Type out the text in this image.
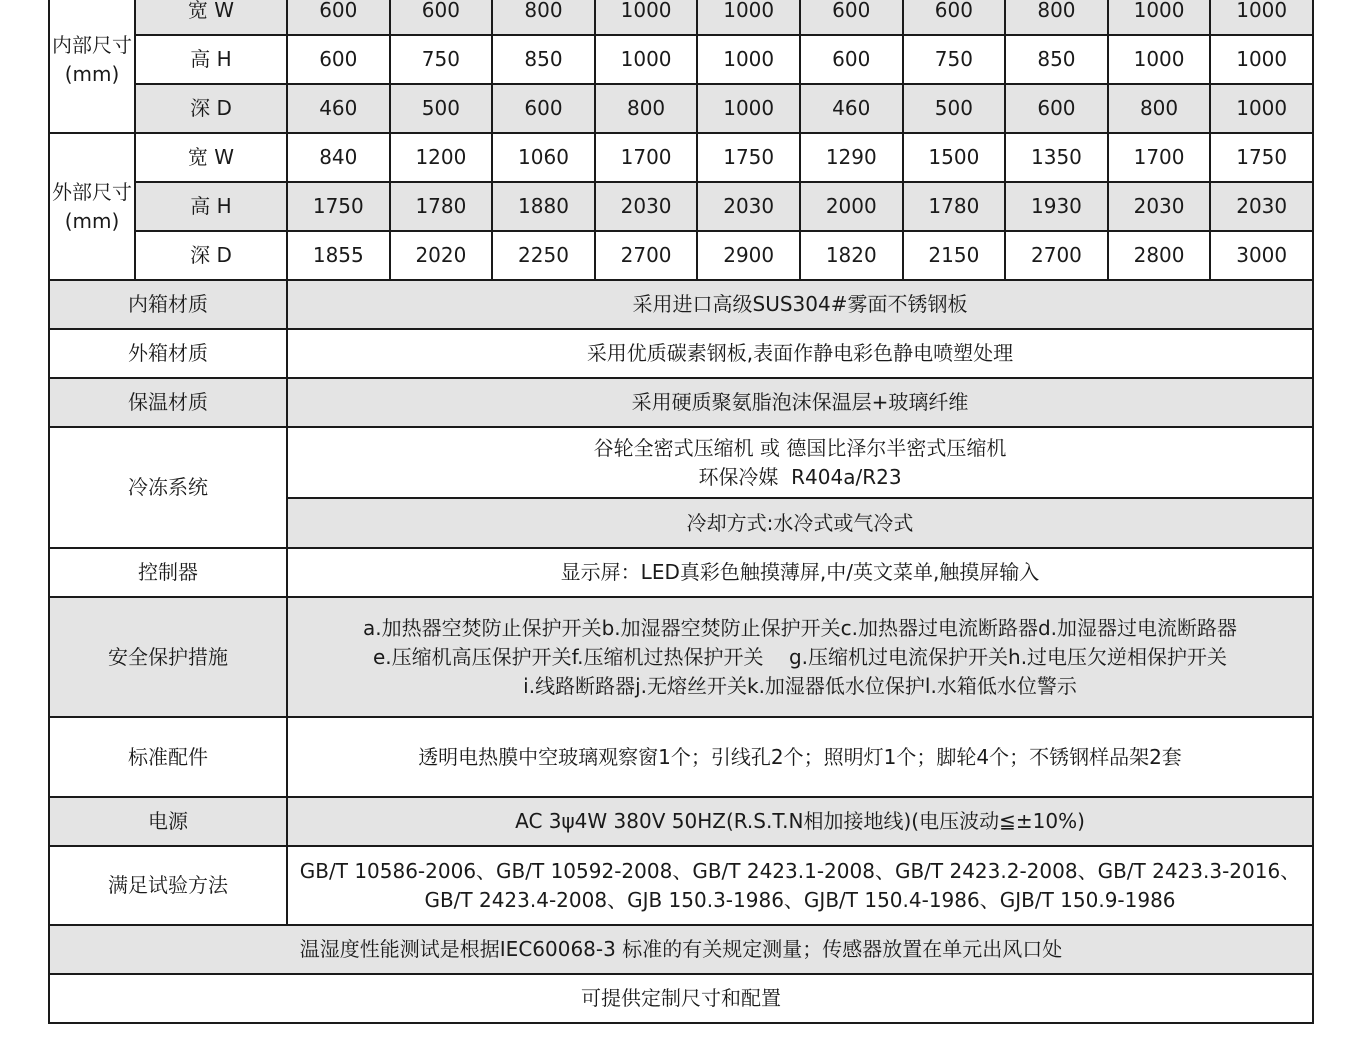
内部尺寸(mm)	宽 W	600	600	800	1000	1000	600	600	800	1000	1000
	高 H	600	750	850	1000	1000	600	750	850	1000	1000
	深 D	460	500	600	800	1000	460	500	600	800	1000
外部尺寸(mm)	宽 W	840	1200	1060	1700	1750	1290	1500	1350	1700	1750
	高 H	1750	1780	1880	2030	2030	2000	1780	1930	2030	2030
	深 D	1855	2020	2250	2700	2900	1820	2150	2700	2800	3000
内箱材质		采用进口高级SUS304#雾面不锈钢板									
外箱材质		采用优质碳素钢板,表面作静电彩色静电喷塑处理									
保温材质		采用硬质聚氨脂泡沫保温层+玻璃纤维									
冷冻系统		谷轮全密式压缩机 或 德国比泽尔半密式压缩机
环保冷媒  R404a/R23									

		冷却方式:水冷式或气冷式									
控制器		显示屏：LED真彩色触摸薄屏,中/英文菜单,触摸屏输入									
安全保护措施		a.加热器空焚防止保护开关b.加湿器空焚防止保护开关c.加热器过电流断路器d.加湿器过电流断路器
e.压缩机高压保护开关f.压缩机过热保护开关    g.压缩机过电流保护开关h.过电压欠逆相保护开关
i.线路断路器j.无熔丝开关k.加湿器低水位保护l.水箱低水位警示									

标准配件		透明电热膜中空玻璃观察窗1个；引线孔2个；照明灯1个；脚轮4个；不锈钢样品架2套									
电源		AC 3ψ4W 380V 50HZ(R.S.T.N相加接地线)(电压波动≦±10%)									
满足试验方法		GB/T 10586-2006、GB/T 10592-2008、GB/T 2423.1-2008、GB/T 2423.2-2008、GB/T 2423.3-2016、
GB/T 2423.4-2008、GJB 150.3-1986、GJB/T 150.4-1986、GJB/T 150.9-1986									

温湿度性能测试是根据IEC60068-3 标准的有关规定测量；传感器放置在单元出风口处											
可提供定制尺寸和配置											
